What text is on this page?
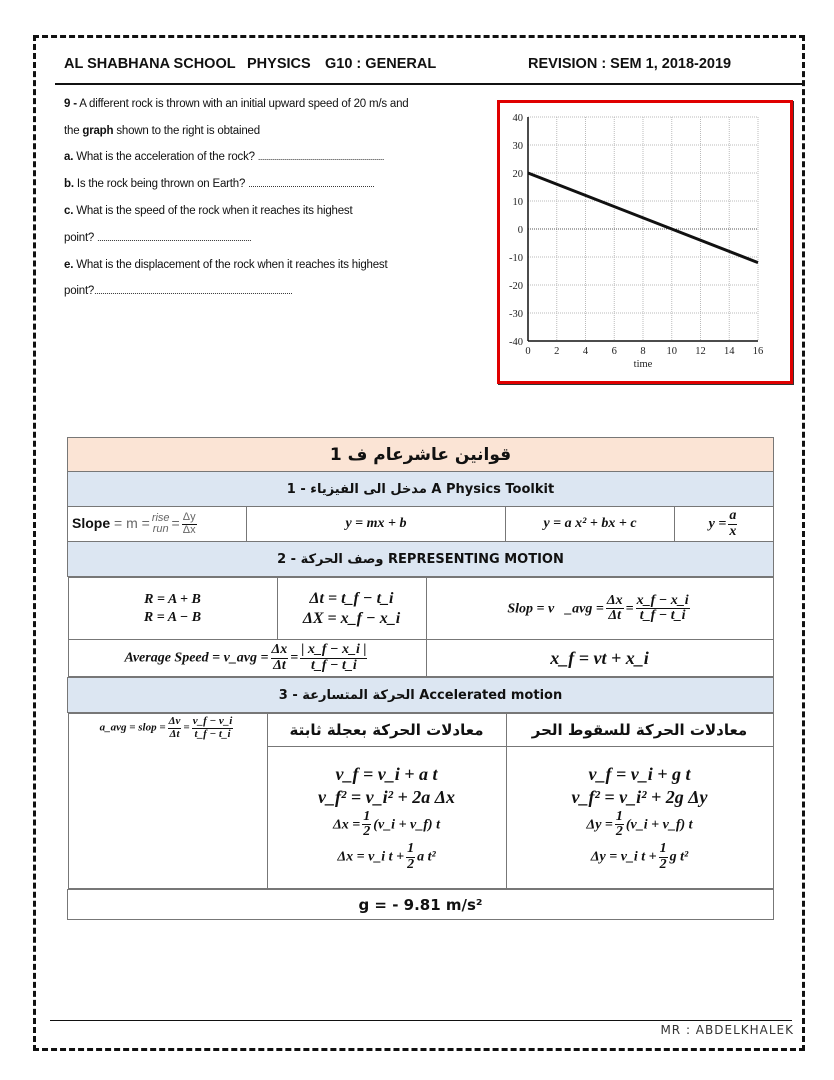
AL SHABHANA SCHOOL PHYSICS G10 : GENERAL	REVISION : SEM 1, 2018-2019
9 - A different rock is thrown with an initial upward speed of 20 m/s and
the graph shown to the right is obtained
a. What is the acceleration of the rock? ...............................................................
b. Is the rock being thrown on Earth? ...............................................................
c. What is the speed of the rock when it reaches its highest
point? .............................................................................
e. What is the displacement of the rock when it reaches its highest
point?...................................................................................................
0 2 4 6 8 10 12 14 16
40
30
20
10
0
-10
-20
-30
-40
time
قوانين عاشرعام ف 1
1 - مدخل الى الفيزياء A Physics Toolkit
Slope = m = rise
run = $\frac{\Delta y}{\Delta x}$	y = mx + b	y = a x² + bx + c	$y = \frac{a}{x}$

2 - وصف الحركة REPRESENTING MOTION

R = A + B
R = A − B

Δt = t_f − t_i
ΔX = x_f − x_i
	Slop = v⃗_avg = $\frac{\Delta x}{\Delta t} = \frac{x\_f - x\_i}{t\_f - t\_i}$

Average Speed = v_avg = $\frac{\Delta x}{\Delta t} = \frac{| x\_f - x\_i |}{t\_f - t\_i}$	x_f = vt + x_i

3 - الحركة المتسارعة Accelerated motion

a_avg = slop = $\frac{\Delta v}{\Delta t} = \frac{v\_f - v\_i}{t\_f - t\_i}$	معادلات الحركة بعجلة ثابتة	معادلات الحركة للسقوط الحر

v_f = v_i + a t
v_f² = v_i² + 2a Δx
$\Delta x = \frac{1}{2}$ (v_i + v_f) t
Δx = v_i $t + \frac{1}{2}$ a t²

v_f = v_i + g t
v_f² = v_i² + 2g Δy
$\Delta y = \frac{1}{2}$ (v_i + v_f) t
Δy = v_i $t + \frac{1}{2}$ g t²

g = - 9.81 m/s²
MR : ABDELKHALEK
